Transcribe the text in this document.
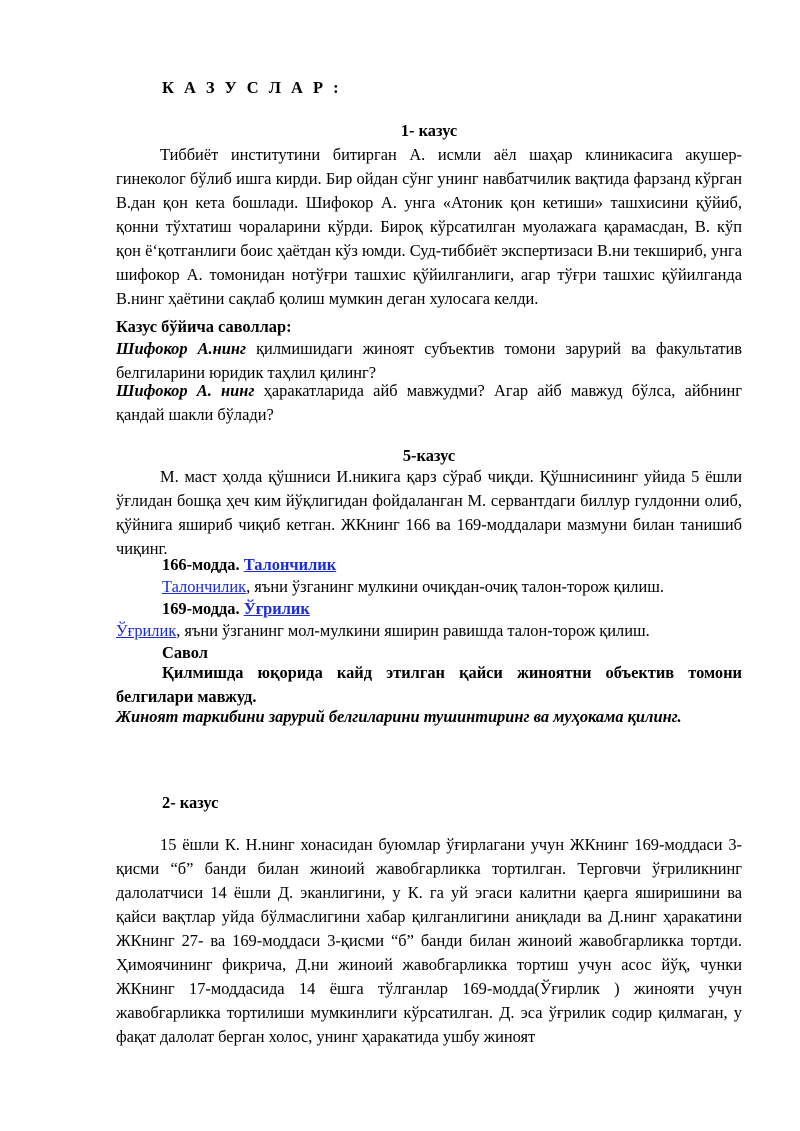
К А З У С Л А Р :
1- казус

Тиббиёт институтини битирган А. исмли аёл шаҳар клиникасига акушер-гинеколог бўлиб ишга кирди. Бир ойдан сўнг унинг навбатчилик вақтида фарзанд кўрган В.дан қон кета бошлади. Шифокор А. унга «Атоник қон кетиши» ташхисини қўйиб, қонни тўхтатиш чораларини кўрди. Бироқ кўрсатилган муолажага қарамасдан, В. кўп қон ёʻқотганлиги боис ҳаётдан кўз юмди. Суд-тиббиёт экспертизаси В.ни текшириб, унга шифокор А. томонидан нотўғри ташхис қўйилганлиги, агар тўғри ташхис қўйилганда В.нинг ҳаётини сақлаб қолиш мумкин деган хулосага келди.

Казус бўйича саволлар:

Шифокор А.нинг қилмишидаги жиноят субъектив томони зарурий ва факультатив белгиларини юридик таҳлил қилинг?

Шифокор А. нинг ҳаракатларида айб мавжудми? Агар айб мавжуд бўлса, айбнинг қандай шакли бўлади?

5-казус

М. маст ҳолда қўшниси И.никига қарз сўраб чиқди. Қўшнисининг уйида 5 ёшли ўғлидан бошқа ҳеч ким йўқлигидан фойдаланган М. сервантдаги биллур гулдонни олиб, қўйнига яшириб чиқиб кетган. ЖКнинг 166 ва 169-моддалари мазмуни билан танишиб чиқинг.

166-модда. Талончилик
Талончилик, яъни ўзганинг мулкини очиқдан-очиқ талон-торож қилиш.
169-модда. Ўғрилик
Ўғрилик, яъни ўзганинг мол-мулкини яширин равишда талон-торож қилиш.
Савол

Қилмишда юқорида кайд этилган қайси жиноятни объектив томони белгилари мавжуд.

Жиноят таркибини зарурий белгиларини тушинтиринг ва муҳокама қилинг.

2- казус

15 ёшли К. Н.нинг хонасидан буюмлар ўғирлагани учун ЖКнинг 169-моддаси 3-қисми “б” банди билан жиноий жавобгарликка тортилган. Терговчи ўғриликнинг далолатчиси 14 ёшли Д. эканлигини, у К. га уй эгаси калитни қаерга яширишини ва қайси вақтлар уйда бўлмаслигини хабар қилганлигини аниқлади ва Д.нинг ҳаракатини ЖКнинг 27- ва 169-моддаси 3-қисми “б” банди билан жиноий жавобгарликка тортди. Ҳимоячининг фикрича, Д.ни жиноий жавобгарликка тортиш учун асос йўқ, чунки ЖКнинг 17-моддасида 14 ёшга тўлганлар 169-модда(Ўғирлик ) жинояти учун жавобгарликка тортилиши мумкинлиги кўрсатилган. Д. эса ўғрилик содир қилмаган, у фақат далолат берган холос, унинг ҳаракатида ушбу жиноят
